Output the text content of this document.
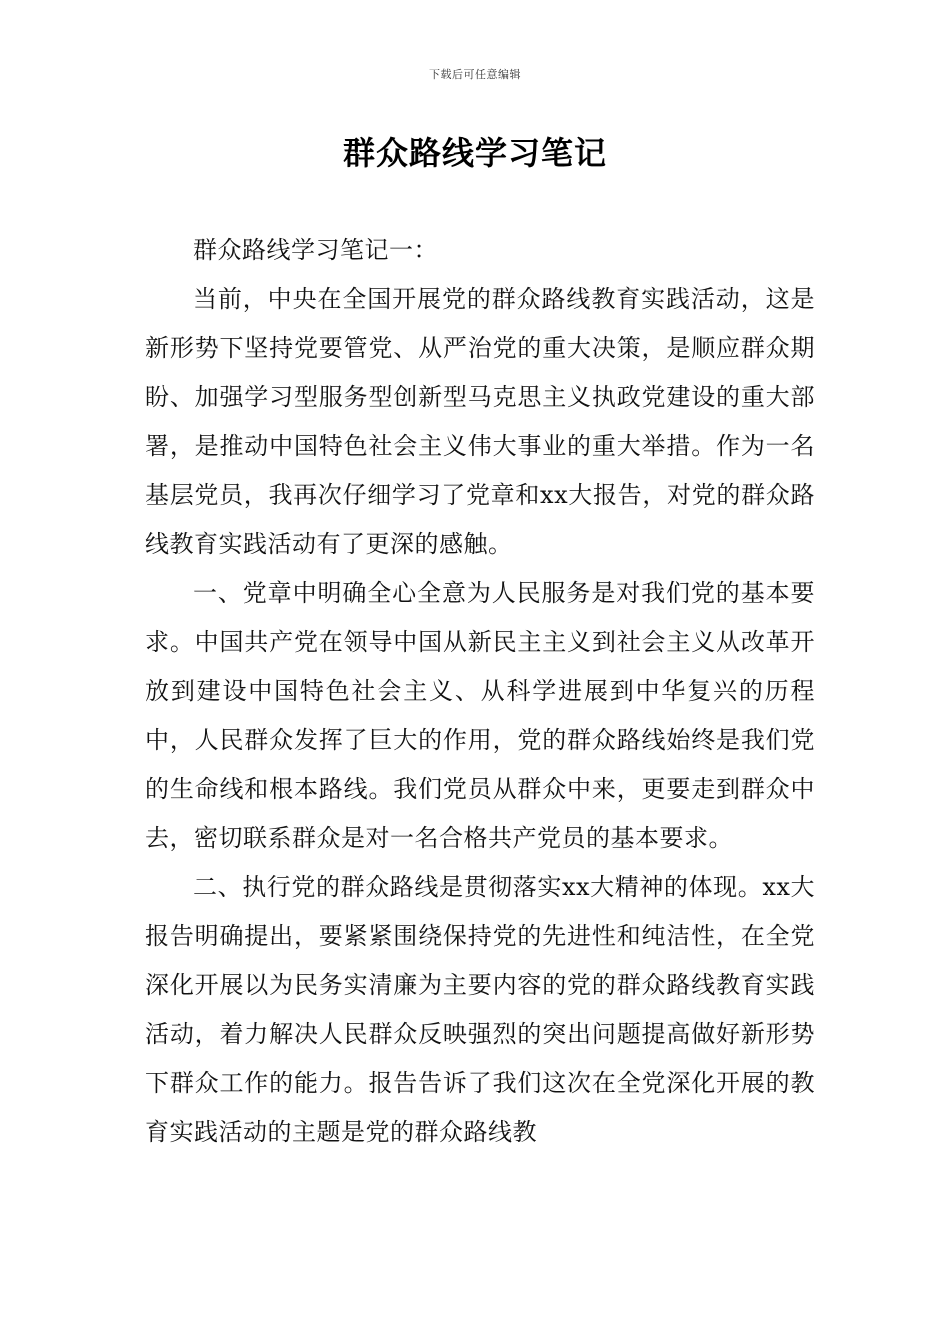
下载后可任意编辑
群众路线学习笔记

群众路线学习笔记一：

当前，中央在全国开展党的群众路线教育实践活动，这是新形势下坚持党要管党、从严治党的重大决策，是顺应群众期盼、加强学习型服务型创新型马克思主义执政党建设的重大部署，是推动中国特色社会主义伟大事业的重大举措。作为一名基层党员，我再次仔细学习了党章和xx大报告，对党的群众路线教育实践活动有了更深的感触。

一、党章中明确全心全意为人民服务是对我们党的基本要求。中国共产党在领导中国从新民主主义到社会主义从改革开放到建设中国特色社会主义、从科学进展到中华复兴的历程中，人民群众发挥了巨大的作用，党的群众路线始终是我们党的生命线和根本路线。我们党员从群众中来，更要走到群众中去，密切联系群众是对一名合格共产党员的基本要求。

二、执行党的群众路线是贯彻落实xx大精神的体现。xx大报告明确提出，要紧紧围绕保持党的先进性和纯洁性，在全党深化开展以为民务实清廉为主要内容的党的群众路线教育实践活动，着力解决人民群众反映强烈的突出问题提高做好新形势下群众工作的能力。报告告诉了我们这次在全党深化开展的教育实践活动的主题是党的群众路线教
